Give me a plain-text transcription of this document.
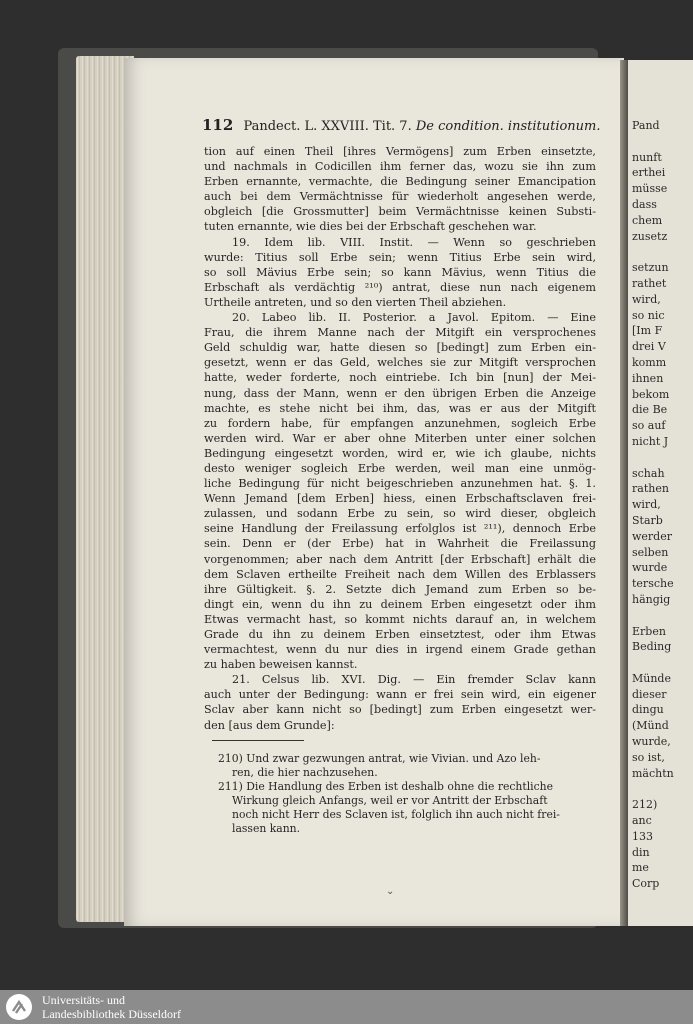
Pand

nunft
erthei
müsse
dass
chem
zusetz

setzun
rathet
wird,
so nic
[Im F
drei V
komm
ihnen
bekom
die Be
so auf
nicht J

schah
rathen
wird,
Starb
werder
selben
wurde
tersche
hängig

Erben
Beding

Münde
dieser
dingu
(Münd
wurde,
so ist,
mächtn

212)
anc
133
din
me
Corp
112 Pandect. L. XXVIII. Tit. 7. De condition. institutionum.
tion auf einen Theil [ihres Vermögens] zum Erben einsetzte,
und nachmals in Codicillen ihm ferner das, wozu sie ihn zum
Erben ernannte, vermachte, die Bedingung seiner Emancipation
auch bei dem Vermächtnisse für wiederholt angesehen werde,
obgleich [die Grossmutter] beim Vermächtnisse keinen Substi-
tuten ernannte, wie dies bei der Erbschaft geschehen war.
19. Idem lib. VIII. Instit. — Wenn so geschrieben
wurde: Titius soll Erbe sein; wenn Titius Erbe sein wird,
so soll Mävius Erbe sein; so kann Mävius, wenn Titius die
Erbschaft als verdächtig ²¹⁰) antrat, diese nun nach eigenem
Urtheile antreten, und so den vierten Theil abziehen.
20. Labeo lib. II. Posterior. a Javol. Epitom. — Eine
Frau, die ihrem Manne nach der Mitgift ein versprochenes
Geld schuldig war, hatte diesen so [bedingt] zum Erben ein-
gesetzt, wenn er das Geld, welches sie zur Mitgift versprochen
hatte, weder forderte, noch eintriebe. Ich bin [nun] der Mei-
nung, dass der Mann, wenn er den übrigen Erben die Anzeige
machte, es stehe nicht bei ihm, das, was er aus der Mitgift
zu fordern habe, für empfangen anzunehmen, sogleich Erbe
werden wird. War er aber ohne Miterben unter einer solchen
Bedingung eingesetzt worden, wird er, wie ich glaube, nichts
desto weniger sogleich Erbe werden, weil man eine unmög-
liche Bedingung für nicht beigeschrieben anzunehmen hat. §. 1.
Wenn Jemand [dem Erben] hiess, einen Erbschaftsclaven frei-
zulassen, und sodann Erbe zu sein, so wird dieser, obgleich
seine Handlung der Freilassung erfolglos ist ²¹¹), dennoch Erbe
sein. Denn er (der Erbe) hat in Wahrheit die Freilassung
vorgenommen; aber nach dem Antritt [der Erbschaft] erhält die
dem Sclaven ertheilte Freiheit nach dem Willen des Erblassers
ihre Gültigkeit. §. 2. Setzte dich Jemand zum Erben so be-
dingt ein, wenn du ihn zu deinem Erben eingesetzt oder ihm
Etwas vermacht hast, so kommt nichts darauf an, in welchem
Grade du ihn zu deinem Erben einsetztest, oder ihm Etwas
vermachtest, wenn du nur dies in irgend einem Grade gethan
zu haben beweisen kannst.
21. Celsus lib. XVI. Dig. — Ein fremder Sclav kann
auch unter der Bedingung: wann er frei sein wird, ein eigener
Sclav aber kann nicht so [bedingt] zum Erben eingesetzt wer-
den [aus dem Grunde]:
210) Und zwar gezwungen antrat, wie Vivian. und Azo leh-
ren, die hier nachzusehen.
211) Die Handlung des Erben ist deshalb ohne die rechtliche
Wirkung gleich Anfangs, weil er vor Antritt der Erbschaft
noch nicht Herr des Sclaven ist, folglich ihn auch nicht frei-
lassen kann.
⌄
Universitäts- und
Landesbibliothek Düsseldorf
